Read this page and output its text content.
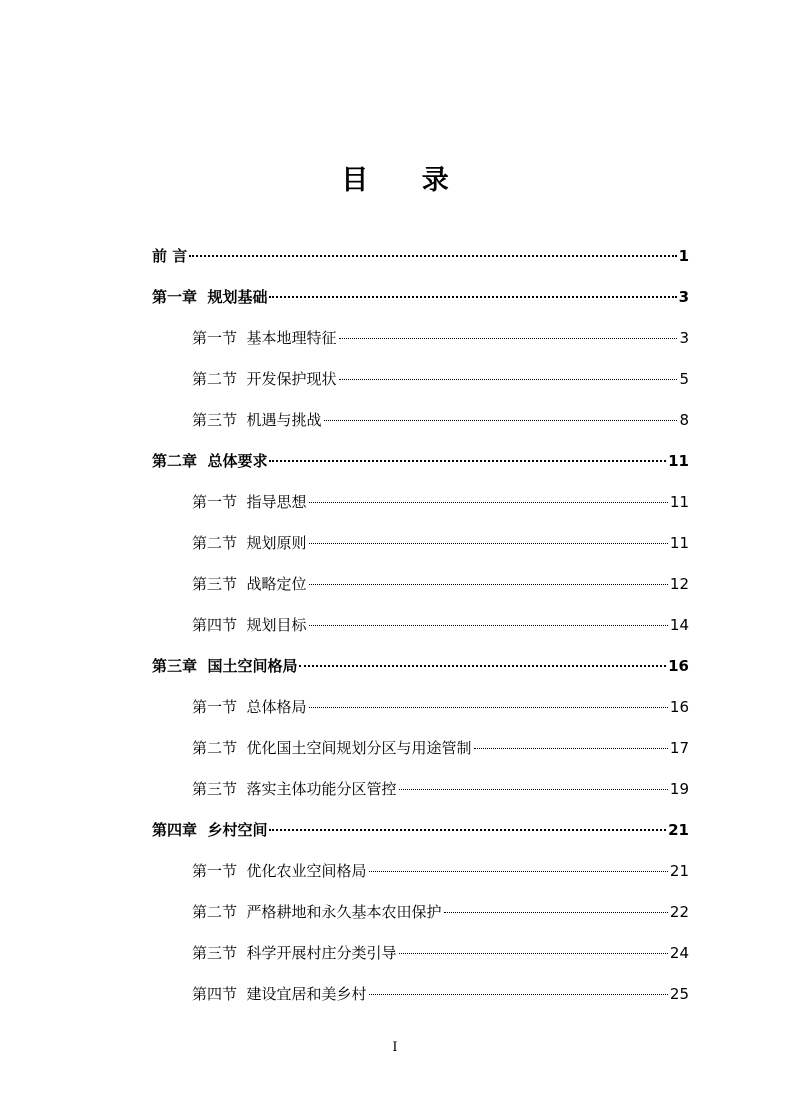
目 录
前 言	1
第一章  规划基础	3
第一节  基本地理特征	3
第二节  开发保护现状	5
第三节  机遇与挑战	8
第二章  总体要求	11
第一节  指导思想	11
第二节  规划原则	11
第三节  战略定位	12
第四节  规划目标	14
第三章  国土空间格局	16
第一节  总体格局	16
第二节  优化国土空间规划分区与用途管制	17
第三节  落实主体功能分区管控	19
第四章  乡村空间	21
第一节  优化农业空间格局	21
第二节  严格耕地和永久基本农田保护	22
第三节  科学开展村庄分类引导	24
第四节  建设宜居和美乡村	25
I
